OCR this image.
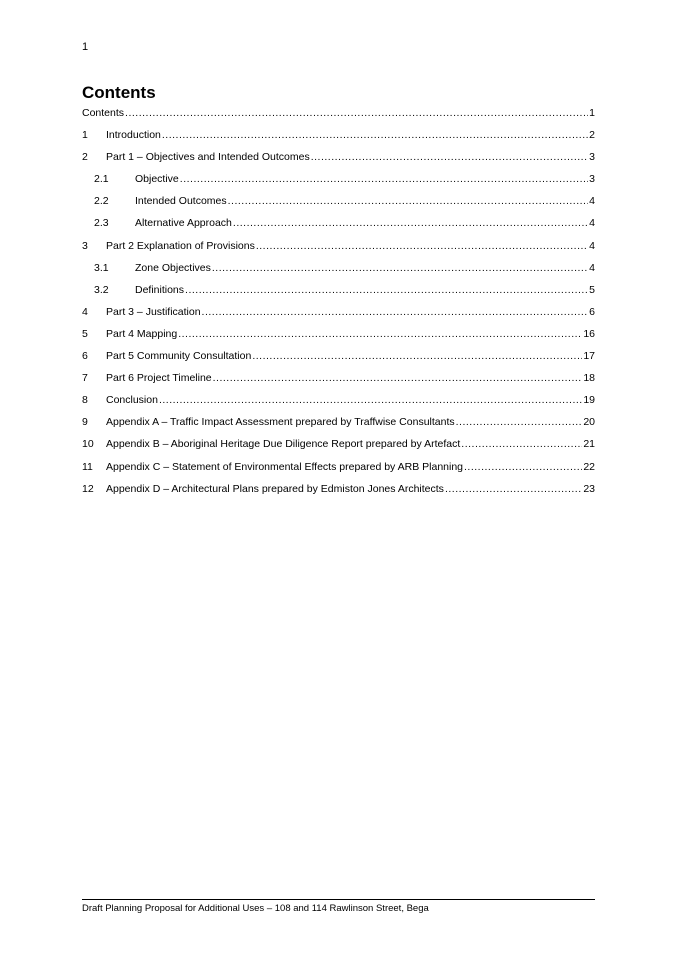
1
Contents
Contents .....	1
1	Introduction .....	2
2	Part 1 – Objectives and Intended Outcomes .....	3
2.1	Objective .....	3
2.2	Intended Outcomes .....	4
2.3	Alternative Approach .....	4
3	Part 2 Explanation of Provisions .....	4
3.1	Zone Objectives .....	4
3.2	Definitions .....	5
4	Part 3 – Justification .....	6
5	Part 4 Mapping .....	16
6	Part 5 Community Consultation .....	17
7	Part 6 Project Timeline .....	18
8	Conclusion .....	19
9	Appendix A – Traffic Impact Assessment prepared by Traffwise Consultants .....	20
10	Appendix B – Aboriginal Heritage Due Diligence Report prepared by Artefact .....	21
11	Appendix C – Statement of Environmental Effects prepared by ARB Planning .....	22
12	Appendix D – Architectural Plans prepared by Edmiston Jones Architects .....	23
Draft Planning Proposal for Additional Uses – 108 and 114 Rawlinson Street, Bega
